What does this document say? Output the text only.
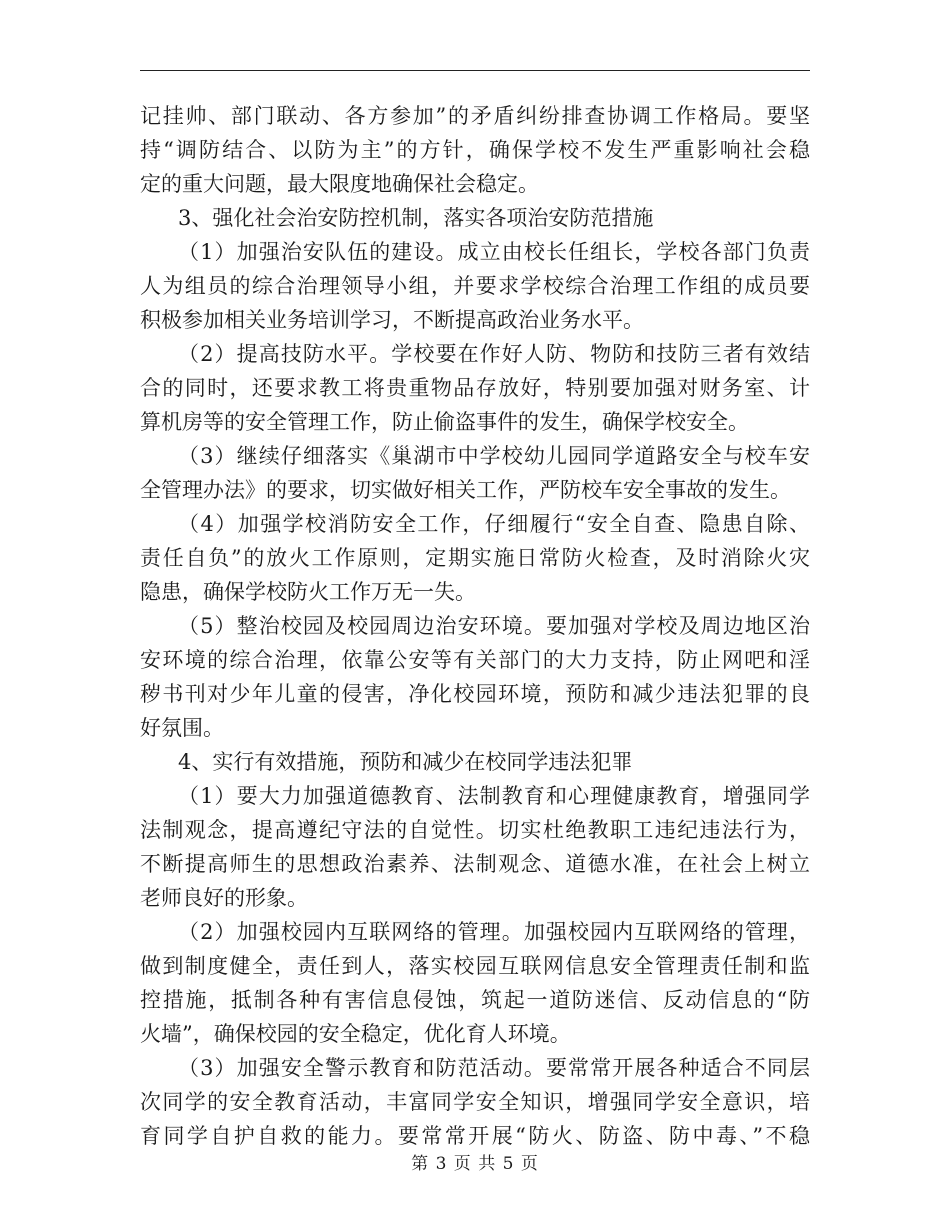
记挂帅、部门联动、各方参加”的矛盾纠纷排查协调工作格局。要坚
持“调防结合、以防为主”的方针，确保学校不发生严重影响社会稳
定的重大问题，最大限度地确保社会稳定。
3、强化社会治安防控机制，落实各项治安防范措施
（1）加强治安队伍的建设。成立由校长任组长，学校各部门负责
人为组员的综合治理领导小组，并要求学校综合治理工作组的成员要
积极参加相关业务培训学习，不断提高政治业务水平。
（2）提高技防水平。学校要在作好人防、物防和技防三者有效结
合的同时，还要求教工将贵重物品存放好，特别要加强对财务室、计
算机房等的安全管理工作，防止偷盗事件的发生，确保学校安全。
（3）继续仔细落实《巢湖市中学校幼儿园同学道路安全与校车安
全管理办法》的要求，切实做好相关工作，严防校车安全事故的发生。
（4）加强学校消防安全工作，仔细履行“安全自查、隐患自除、
责任自负”的放火工作原则，定期实施日常防火检查，及时消除火灾
隐患，确保学校防火工作万无一失。
（5）整治校园及校园周边治安环境。要加强对学校及周边地区治
安环境的综合治理，依靠公安等有关部门的大力支持，防止网吧和淫
秽书刊对少年儿童的侵害，净化校园环境，预防和减少违法犯罪的良
好氛围。
4、实行有效措施，预防和减少在校同学违法犯罪
（1）要大力加强道德教育、法制教育和心理健康教育，增强同学
法制观念，提高遵纪守法的自觉性。切实杜绝教职工违纪违法行为，
不断提高师生的思想政治素养、法制观念、道德水准，在社会上树立
老师良好的形象。
（2）加强校园内互联网络的管理。加强校园内互联网络的管理，
做到制度健全，责任到人，落实校园互联网信息安全管理责任制和监
控措施，抵制各种有害信息侵蚀，筑起一道防迷信、反动信息的“防
火墙”，确保校园的安全稳定，优化育人环境。
（3）加强安全警示教育和防范活动。要常常开展各种适合不同层
次同学的安全教育活动，丰富同学安全知识，增强同学安全意识，培
育同学自护自救的能力。要常常开展“防火、防盗、防中毒、”不稳
第 3 页 共 5 页
